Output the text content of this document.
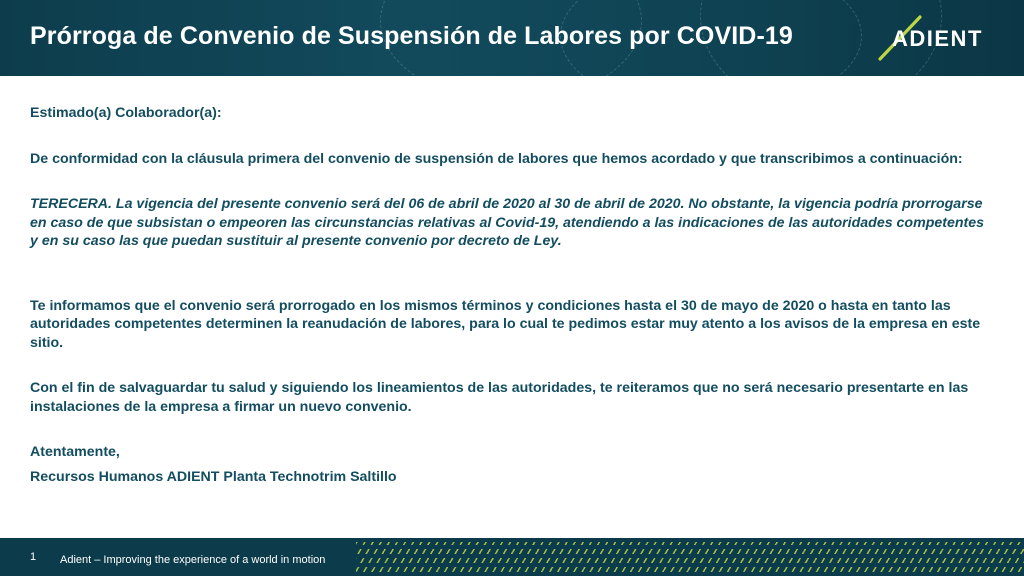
Prórroga de Convenio de Suspensión de Labores por COVID-19	ADIENT

Estimado(a) Colaborador(a):

De conformidad con la cláusula primera del convenio de suspensión de labores que hemos acordado y que transcribimos a continuación:

TERECERA. La vigencia del presente convenio será del 06 de abril de 2020 al 30 de abril de 2020. No obstante, la vigencia podría prorrogarse en caso de que subsistan o empeoren las circunstancias relativas al Covid-19, atendiendo a las indicaciones de las autoridades competentes y en su caso las que puedan sustituir al presente convenio por decreto de Ley.

Te informamos que el convenio será prorrogado en los mismos términos y condiciones hasta el 30 de mayo de 2020 o hasta en tanto las autoridades competentes determinen la reanudación de labores, para lo cual te pedimos estar muy atento a los avisos de la empresa en este sitio.

Con el fin de salvaguardar tu salud y siguiendo los lineamientos de las autoridades, te reiteramos que no será necesario presentarte en las instalaciones de la empresa a firmar un nuevo convenio.

Atentamente,

Recursos Humanos ADIENT Planta Technotrim Saltillo

1 Adient – Improving the experience of a world in motion
